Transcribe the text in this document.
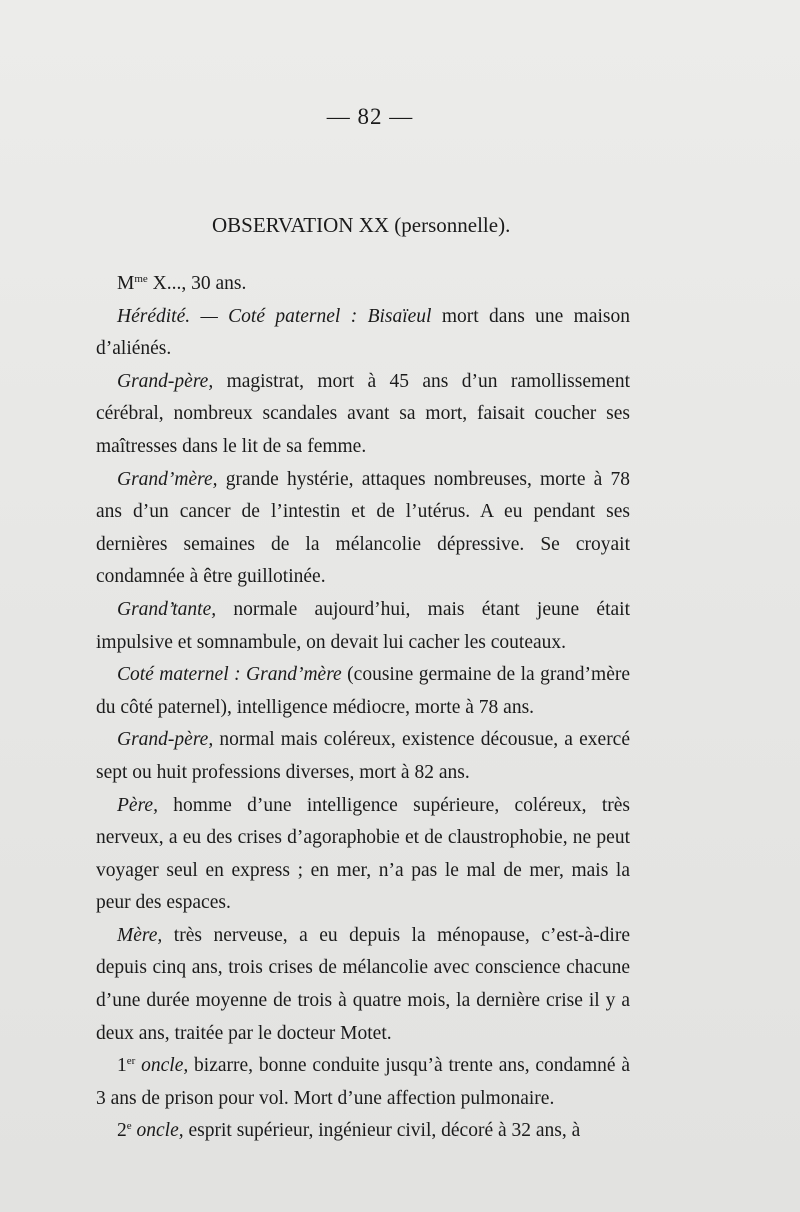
— 82 —
OBSERVATION XX (personnelle).

$M^{me}$ X..., 30 ans.

Hérédité. — Coté paternel : Bisaïeul mort dans une maison d’aliénés.

Grand-père, magistrat, mort à 45 ans d’un ramollissement cérébral, nombreux scandales avant sa mort, faisait coucher ses maîtresses dans le lit de sa femme.

Grand’mère, grande hystérie, attaques nombreuses, morte à 78 ans d’un cancer de l’intestin et de l’utérus. A eu pendant ses dernières semaines de la mélancolie dépressive. Se croyait condamnée à être guillotinée.

Grand’tante, normale aujourd’hui, mais étant jeune était impulsive et somnambule, on devait lui cacher les couteaux.

Coté maternel : Grand’mère (cousine germaine de la grand’mère du côté paternel), intelligence médiocre, morte à 78 ans.

Grand-père, normal mais coléreux, existence décousue, a exercé sept ou huit professions diverses, mort à 82 ans.

Père, homme d’une intelligence supérieure, coléreux, très nerveux, a eu des crises d’agoraphobie et de claustrophobie, ne peut voyager seul en express ; en mer, n’a pas le mal de mer, mais la peur des espaces.

Mère, très nerveuse, a eu depuis la ménopause, c’est-à-dire depuis cinq ans, trois crises de mélancolie avec conscience chacune d’une durée moyenne de trois à quatre mois, la dernière crise il y a deux ans, traitée par le docteur Motet.

1er oncle, bizarre, bonne conduite jusqu’à trente ans, condamné à 3 ans de prison pour vol. Mort d’une affection pulmonaire.

2e oncle, esprit supérieur, ingénieur civil, décoré à 32 ans, à
